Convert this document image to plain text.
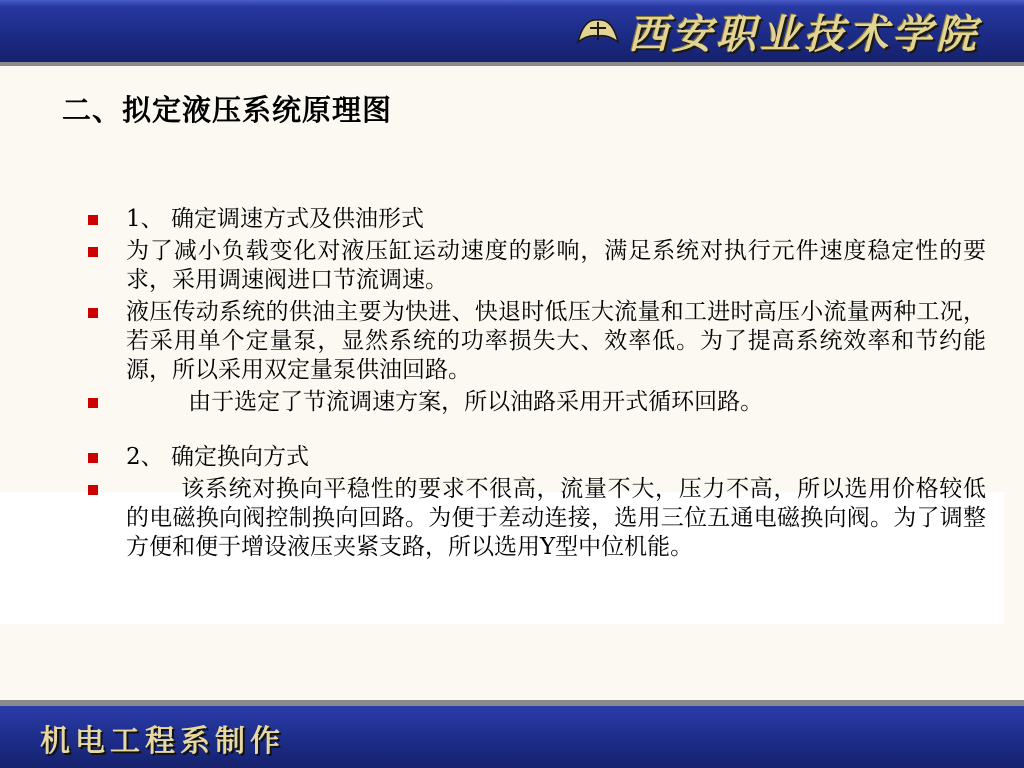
西安职业技术学院
二、拟定液压系统原理图
1、 确定调速方式及供油形式
为了减小负载变化对液压缸运动速度的影响，满足系统对执行元件速度稳定性的要求，采用调速阀进口节流调速。
液压传动系统的供油主要为快进、快退时低压大流量和工进时高压小流量两种工况，若采用单个定量泵，显然系统的功率损失大、效率低。为了提高系统效率和节约能源，所以采用双定量泵供油回路。
由于选定了节流调速方案，所以油路采用开式循环回路。
2、 确定换向方式
该系统对换向平稳性的要求不很高，流量不大，压力不高，所以选用价格较低的电磁换向阀控制换向回路。为便于差动连接，选用三位五通电磁换向阀。为了调整方便和便于增设液压夹紧支路，所以选用Y型中位机能。
机电工程系制作
